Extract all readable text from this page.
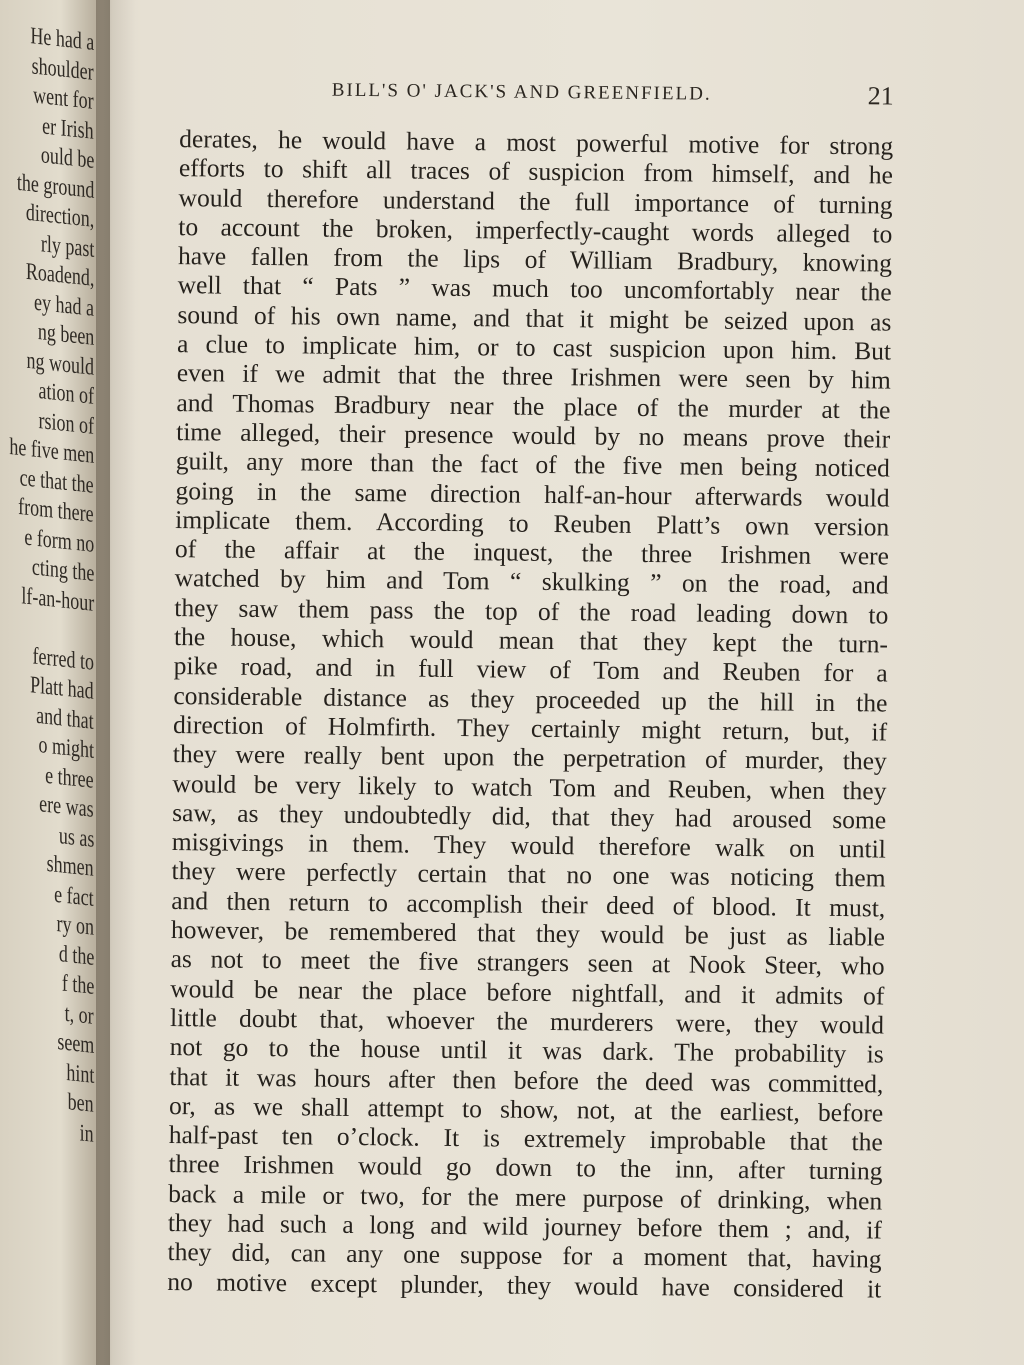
He had a
shoulder
went for
er Irish
ould be
the ground
direction,
rly past
Roadend,
ey had a
ng been
ng would
ation of
rsion of
he five men
ce that the
from there
e form no
cting the
lf-an-hour
ferred to
Platt had
and that
o might
e three
ere was
us as
shmen
e fact
ry on
d the
f the
t, or
seem
hint
ben
in
BILL'S O' JACK'S AND GREENFIELD.	21
derates, he would have a most powerful motive for strong
efforts to shift all traces of suspicion from himself, and he
would therefore understand the full importance of turning
to account the broken, imperfectly-caught words alleged to
have fallen from the lips of William Bradbury, knowing
well that “ Pats ” was much too uncomfortably near the
sound of his own name, and that it might be seized upon as
a clue to implicate him, or to cast suspicion upon him. But
even if we admit that the three Irishmen were seen by him
and Thomas Bradbury near the place of the murder at the
time alleged, their presence would by no means prove their
guilt, any more than the fact of the five men being noticed
going in the same direction half-an-hour afterwards would
implicate them. According to Reuben Platt’s own version
of the affair at the inquest, the three Irishmen were
watched by him and Tom “ skulking ” on the road, and
they saw them pass the top of the road leading down to
the house, which would mean that they kept the turn-
pike road, and in full view of Tom and Reuben for a
considerable distance as they proceeded up the hill in the
direction of Holmfirth. They certainly might return, but, if
they were really bent upon the perpetration of murder, they
would be very likely to watch Tom and Reuben, when they
saw, as they undoubtedly did, that they had aroused some
misgivings in them. They would therefore walk on until
they were perfectly certain that no one was noticing them
and then return to accomplish their deed of blood. It must,
however, be remembered that they would be just as liable
as not to meet the five strangers seen at Nook Steer, who
would be near the place before nightfall, and it admits of
little doubt that, whoever the murderers were, they would
not go to the house until it was dark. The probability is
that it was hours after then before the deed was committed,
or, as we shall attempt to show, not, at the earliest, before
half-past ten o’clock. It is extremely improbable that the
three Irishmen would go down to the inn, after turning
back a mile or two, for the mere purpose of drinking, when
they had such a long and wild journey before them ; and, if
they did, can any one suppose for a moment that, having
no motive except plunder, they would have considered it
